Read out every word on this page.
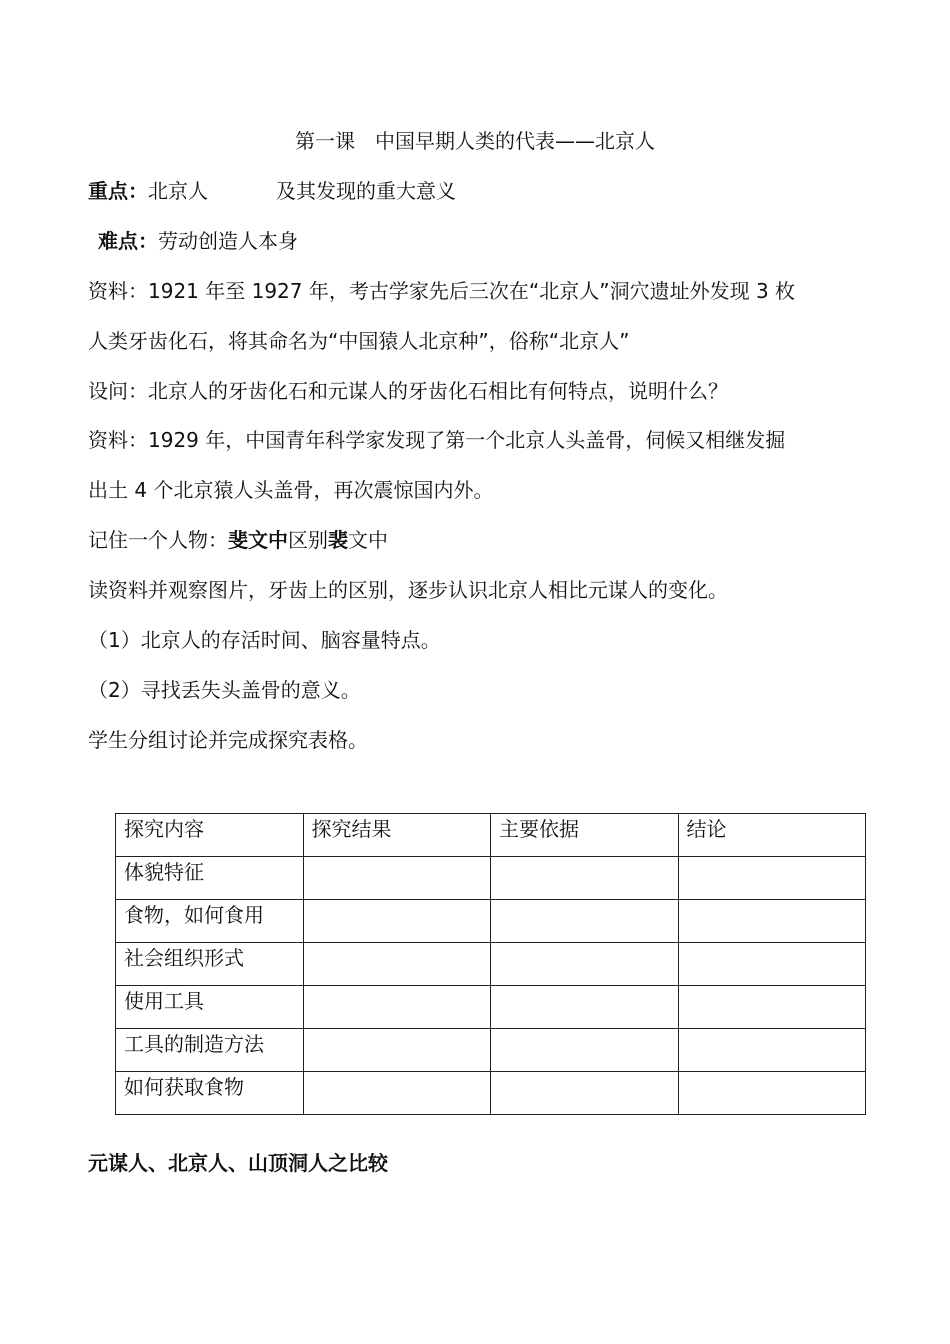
第一课　中国早期人类的代表——北京人
重点：北京人	及其发现的重大意义
难点：劳动创造人本身
资料：1921 年至 1927 年，考古学家先后三次在“北京人”洞穴遗址外发现 3 枚
人类牙齿化石，将其命名为“中国猿人北京种”，俗称“北京人”
设问：北京人的牙齿化石和元谋人的牙齿化石相比有何特点，说明什么？
资料：1929 年，中国青年科学家发现了第一个北京人头盖骨，伺候又相继发掘
出土 4 个北京猿人头盖骨，再次震惊国内外。
记住一个人物：斐文中区别裴文中
读资料并观察图片，牙齿上的区别，逐步认识北京人相比元谋人的变化。
（1）北京人的存活时间、脑容量特点。
（2）寻找丢失头盖骨的意义。
学生分组讨论并完成探究表格。
探究内容	探究结果	主要依据	结论
体貌特征			
食物，如何食用			
社会组织形式			
使用工具			
工具的制造方法			
如何获取食物			
元谋人、北京人、山顶洞人之比较
